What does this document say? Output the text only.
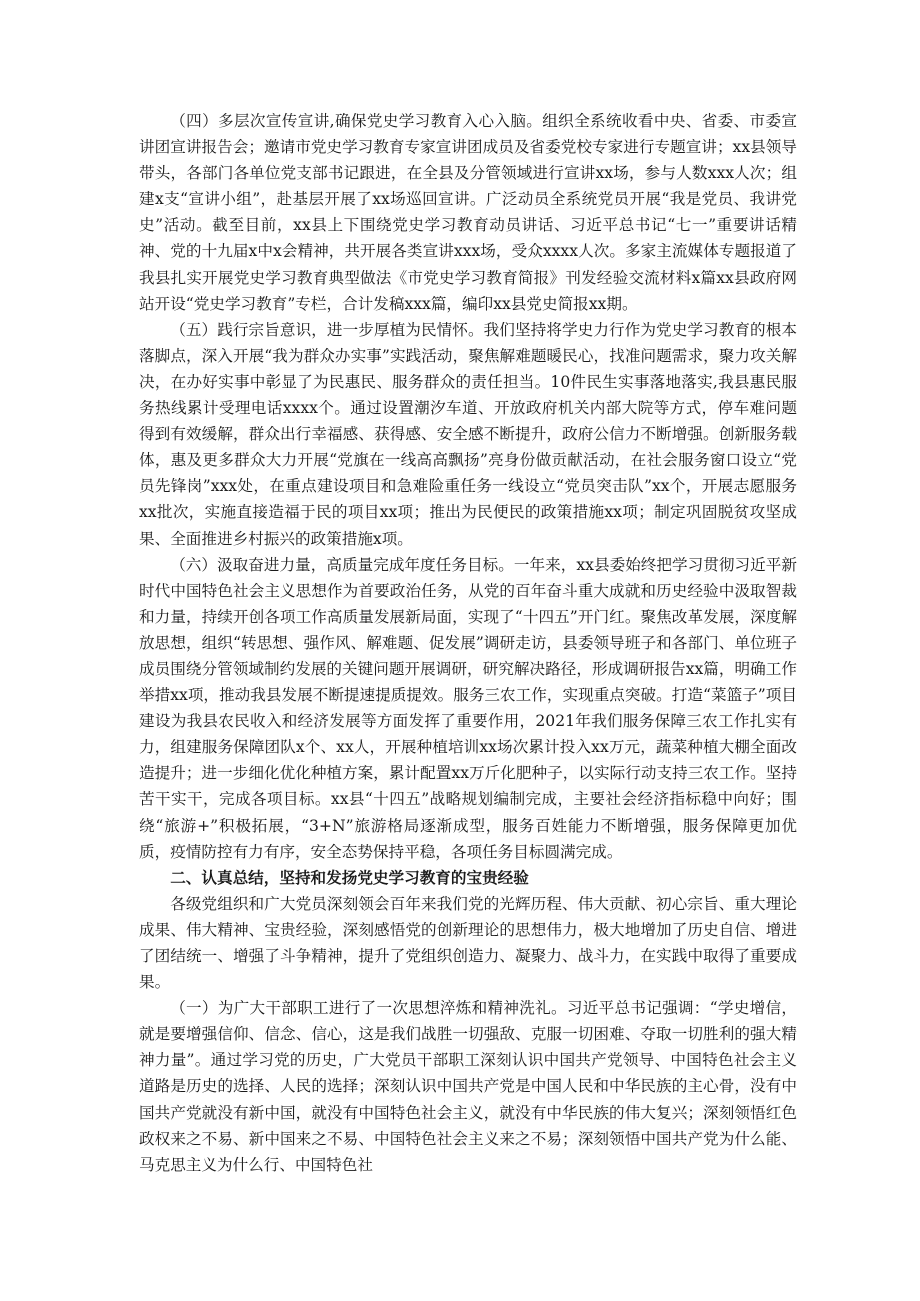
（四）多层次宣传宣讲,确保党史学习教育入心入脑。组织全系统收看中央、省委、市委宣讲团宣讲报告会；邀请市党史学习教育专家宣讲团成员及省委党校专家进行专题宣讲；xx县领导带头，各部门各单位党支部书记跟进，在全县及分管领域进行宣讲xx场，参与人数xxx人次；组建x支“宣讲小组”，赴基层开展了xx场巡回宣讲。广泛动员全系统党员开展“我是党员、我讲党史”活动。截至目前，xx县上下围绕党史学习教育动员讲话、习近平总书记“七一”重要讲话精神、党的十九届x中x会精神，共开展各类宣讲xxx场，受众xxxx人次。多家主流媒体专题报道了我县扎实开展党史学习教育典型做法《市党史学习教育简报》刊发经验交流材料x篇xx县政府网站开设“党史学习教育”专栏，合计发稿xxx篇，编印xx县党史简报xx期。

（五）践行宗旨意识，进一步厚植为民情怀。我们坚持将学史力行作为党史学习教育的根本落脚点，深入开展“我为群众办实事”实践活动，聚焦解难题暖民心，找准问题需求，聚力攻关解决，在办好实事中彰显了为民惠民、服务群众的责任担当。10件民生实事落地落实,我县惠民服务热线累计受理电话xxxx个。通过设置潮汐车道、开放政府机关内部大院等方式，停车难问题得到有效缓解，群众出行幸福感、获得感、安全感不断提升，政府公信力不断增强。创新服务载体，惠及更多群众大力开展“党旗在一线高高飘扬”亮身份做贡献活动，在社会服务窗口设立“党员先锋岗”xxx处，在重点建设项目和急难险重任务一线设立“党员突击队”xx个，开展志愿服务xx批次，实施直接造福于民的项目xx项；推出为民便民的政策措施xx项；制定巩固脱贫攻坚成果、全面推进乡村振兴的政策措施x项。

（六）汲取奋进力量，高质量完成年度任务目标。一年来，xx县委始终把学习贯彻习近平新时代中国特色社会主义思想作为首要政治任务，从党的百年奋斗重大成就和历史经验中汲取智裁和力量，持续开创各项工作高质量发展新局面，实现了“十四五”开门红。聚焦改革发展，深度解放思想，组织“转思想、强作风、解难题、促发展”调研走访，县委领导班子和各部门、单位班子成员围绕分管领域制约发展的关键问题开展调研，研究解决路径，形成调研报告xx篇，明确工作举措xx项，推动我县发展不断提速提质提效。服务三农工作，实现重点突破。打造“菜篮子”项目建设为我县农民收入和经济发展等方面发挥了重要作用，2021年我们服务保障三农工作扎实有力，组建服务保障团队x个、xx人，开展种植培训xx场次累计投入xx万元，蔬菜种植大棚全面改造提升；进一步细化优化种植方案，累计配置xx万斤化肥种子，以实际行动支持三农工作。坚持苦干实干，完成各项目标。xx县“十四五”战略规划编制完成，主要社会经济指标稳中向好；围绕“旅游+”积极拓展，“3+N”旅游格局逐渐成型，服务百姓能力不断增强，服务保障更加优质，疫情防控有力有序，安全态势保持平稳，各项任务目标圆满完成。

二、认真总结，坚持和发扬党史学习教育的宝贵经验

各级党组织和广大党员深刻领会百年来我们党的光辉历程、伟大贡献、初心宗旨、重大理论成果、伟大精神、宝贵经验，深刻感悟党的创新理论的思想伟力，极大地增加了历史自信、增进了团结统一、增强了斗争精神，提升了党组织创造力、凝聚力、战斗力，在实践中取得了重要成果。

（一）为广大干部职工进行了一次思想淬炼和精神洗礼。习近平总书记强调：“学史增信，就是要增强信仰、信念、信心，这是我们战胜一切强敌、克服一切困难、夺取一切胜利的强大精神力量”。通过学习党的历史，广大党员干部职工深刻认识中国共产党领导、中国特色社会主义道路是历史的选择、人民的选择；深刻认识中国共产党是中国人民和中华民族的主心骨，没有中国共产党就没有新中国，就没有中国特色社会主义，就没有中华民族的伟大复兴；深刻领悟红色政权来之不易、新中国来之不易、中国特色社会主义来之不易；深刻领悟中国共产党为什么能、马克思主义为什么行、中国特色社
